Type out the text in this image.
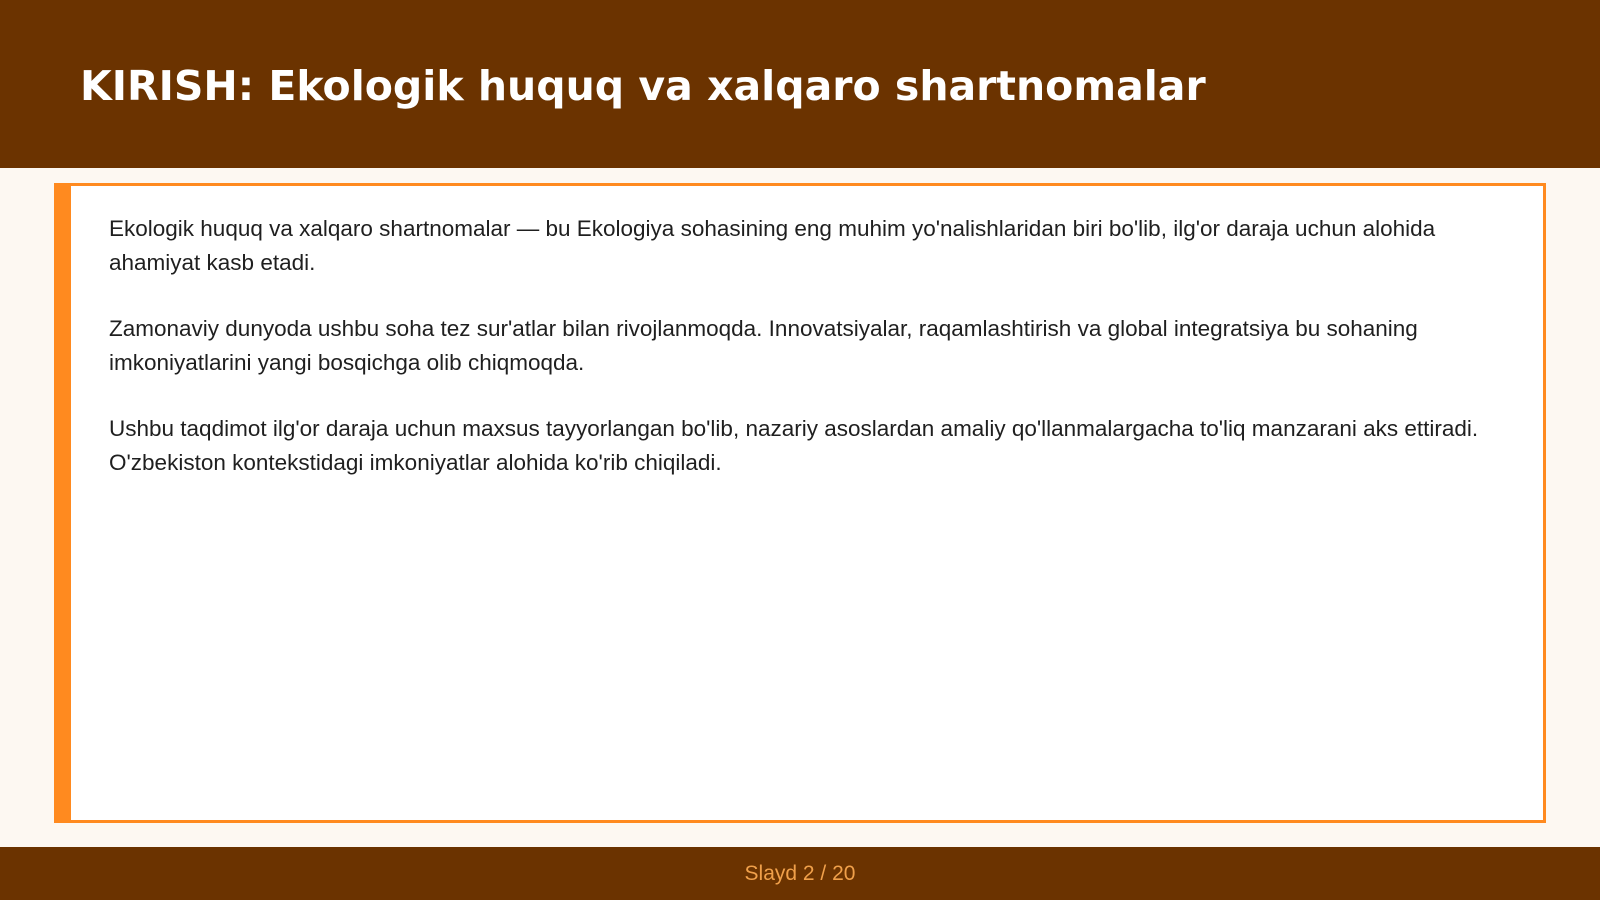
KIRISH: Ekologik huquq va xalqaro shartnomalar

Ekologik huquq va xalqaro shartnomalar — bu Ekologiya sohasining eng muhim yo'nalishlaridan biri bo'lib, ilg'or daraja uchun alohida ahamiyat kasb etadi.

Zamonaviy dunyoda ushbu soha tez sur'atlar bilan rivojlanmoqda. Innovatsiyalar, raqamlashtirish va global integratsiya bu sohaning imkoniyatlarini yangi bosqichga olib chiqmoqda.

Ushbu taqdimot ilg'or daraja uchun maxsus tayyorlangan bo'lib, nazariy asoslardan amaliy qo'llanmalargacha to'liq manzarani aks ettiradi. O'zbekiston kontekstidagi imkoniyatlar alohida ko'rib chiqiladi.

Slayd 2 / 20
